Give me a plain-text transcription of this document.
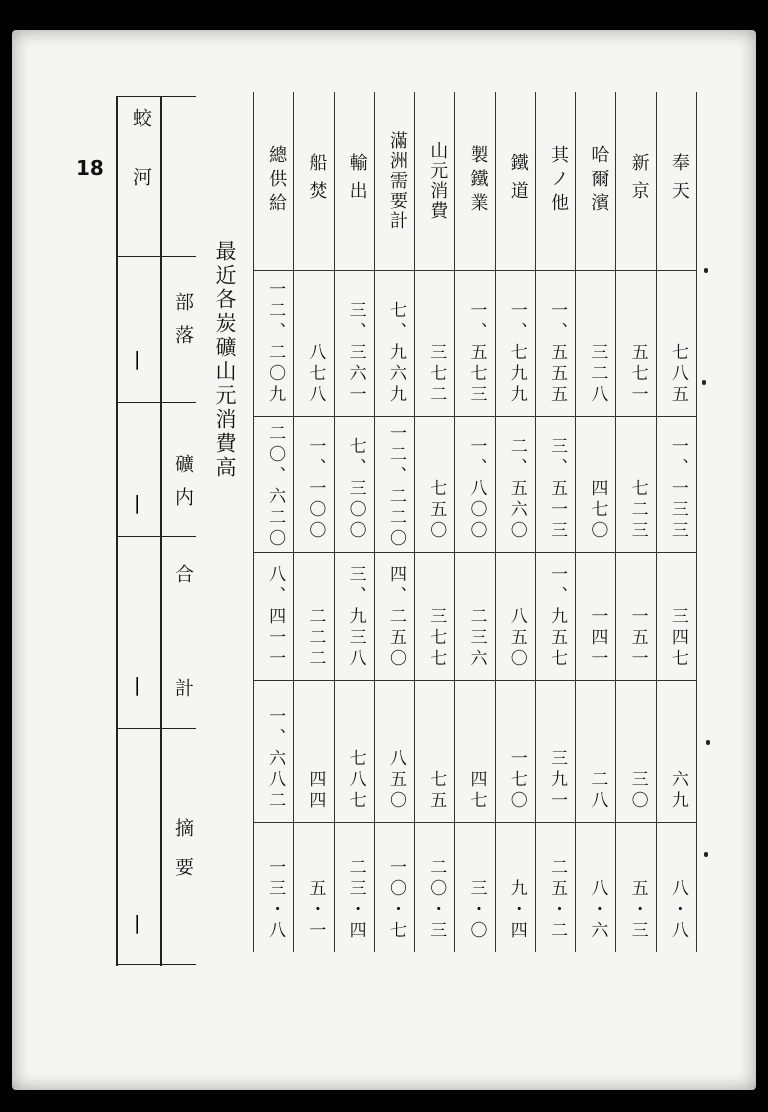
18
最近各炭礦山元消費高
蛟河
部落
礦内
合
計
摘要
|
|
|
|
奉天
七八五
一、一三三
三四七
六九
八・八
新京
五七一
七二三
一五一
三〇
五・三
哈爾濱
三二八
四七〇
一四一
二八
八・六
其ノ他
一、五五五
三、五一三
一、九五七
三九一
二五・二
鐵道
一、七九九
二、五六〇
八五〇
一七〇
九・四
製鐵業
一、五七三
一、八〇〇
二三六
四七
三・〇
山元消費
三七二
七五〇
三七七
七五
二〇・三
滿洲需要計
七、九六九
一二、二二〇
四、二五〇
八五〇
一〇・七
輸出
三、三六一
七、三〇〇
三、九三八
七八七
二三・四
船焚
八七八
一、一〇〇
二二二
四四
五・一
總供給
一二、二〇九
二〇、六二〇
八、四一一
一、六八二
一三・八
